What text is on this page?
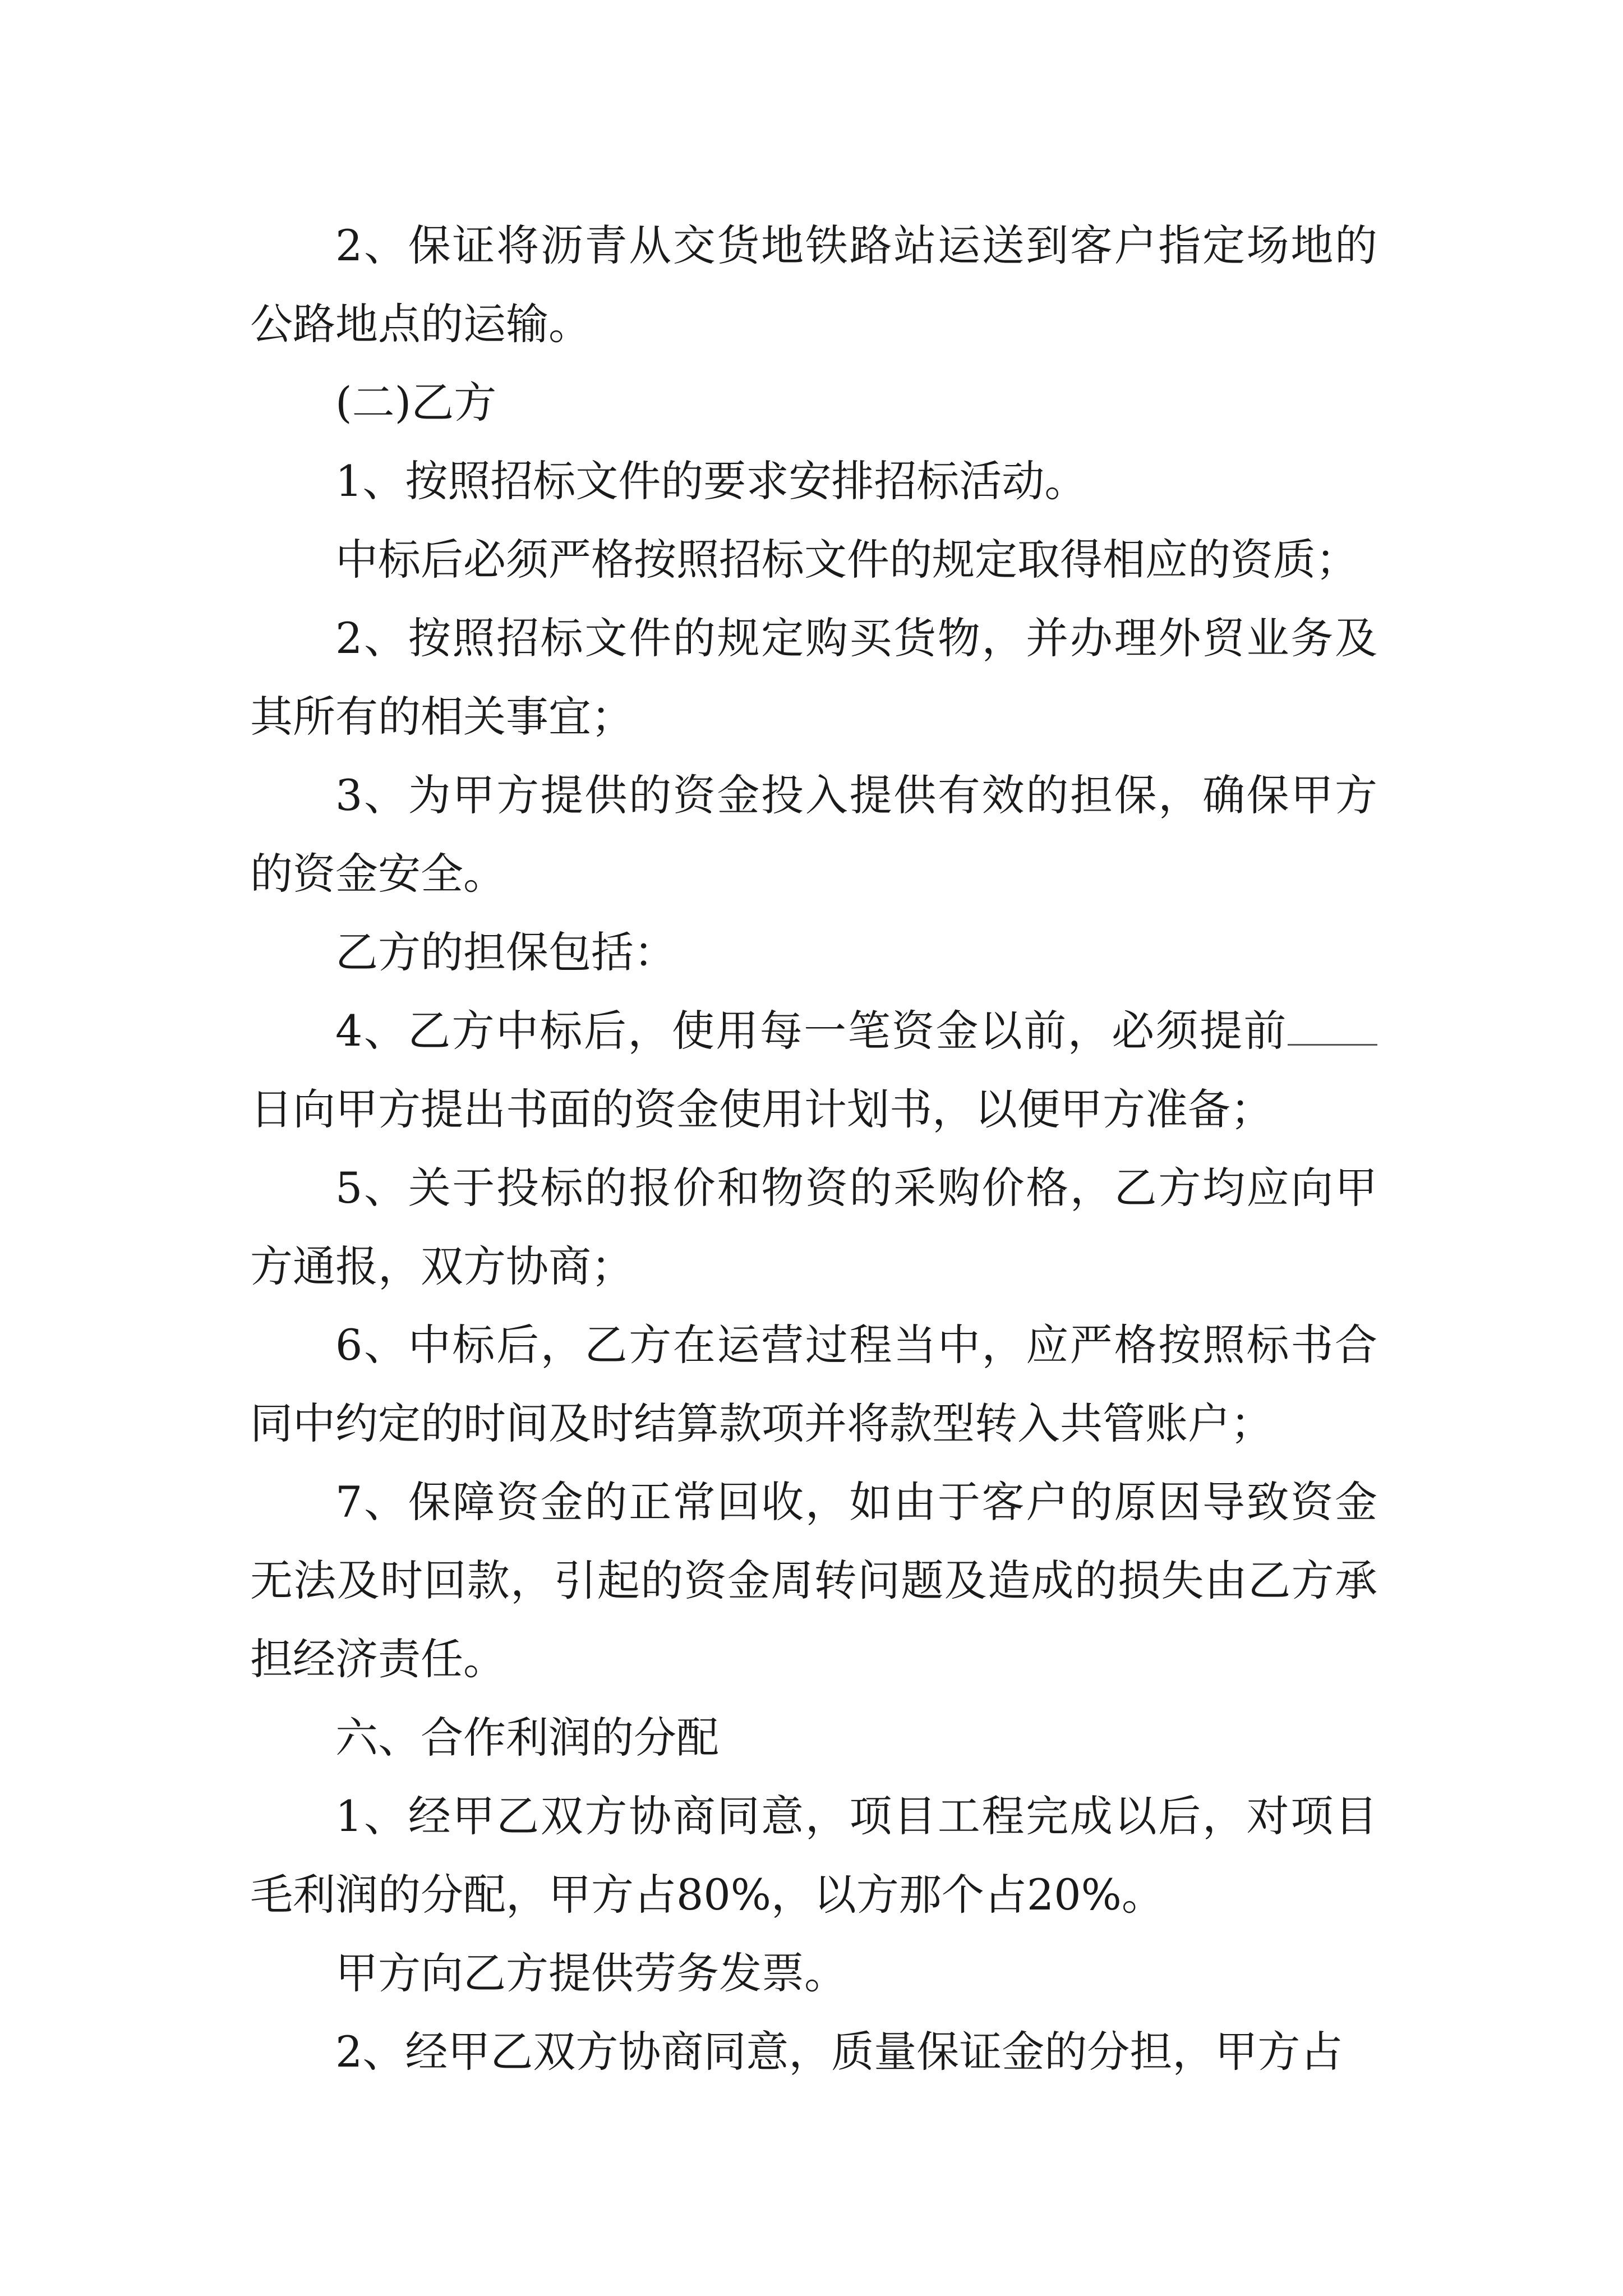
2、保证将沥青从交货地铁路站运送到客户指定场地的公路地点的运输。

(二)乙方

1、按照招标文件的要求安排招标活动。

中标后必须严格按照招标文件的规定取得相应的资质；

2、按照招标文件的规定购买货物，并办理外贸业务及其所有的相关事宜；

3、为甲方提供的资金投入提供有效的担保，确保甲方的资金安全。

乙方的担保包括：

4、乙方中标后，使用每一笔资金以前，必须提前日向甲方提出书面的资金使用计划书，以便甲方准备；

5、关于投标的报价和物资的采购价格，乙方均应向甲方通报，双方协商；

6、中标后，乙方在运营过程当中，应严格按照标书合同中约定的时间及时结算款项并将款型转入共管账户；

7、保障资金的正常回收，如由于客户的原因导致资金无法及时回款，引起的资金周转问题及造成的损失由乙方承担经济责任。

六、合作利润的分配

1、经甲乙双方协商同意，项目工程完成以后，对项目毛利润的分配，甲方占80%，以方那个占20%。

甲方向乙方提供劳务发票。

2、经甲乙双方协商同意，质量保证金的分担，甲方占
